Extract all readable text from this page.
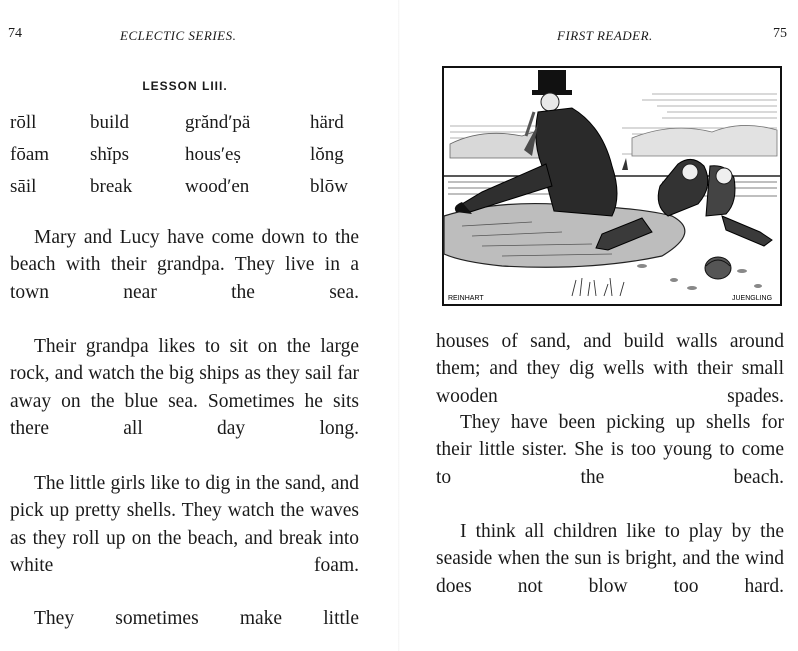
74	ECLECTIC SERIES.
LESSON LIII.
rōll	build	grănd′pä	härd
fōam	shĭps	hous′eṣ	lŏng
sāil	break	wood′en	blōw

Mary and Lucy have come down to the beach with their grandpa. They live in a town near the sea.

Their grandpa likes to sit on the large rock, and watch the big ships as they sail far away on the blue sea. Sometimes he sits there all day long.

The little girls like to dig in the sand, and pick up pretty shells. They watch the waves as they roll up on the beach, and break into white foam.

They sometimes make little

FIRST READER.	75
REINHART	JUENGLING

houses of sand, and build walls around them; and they dig wells with their small wooden spades.

They have been picking up shells for their little sister. She is too young to come to the beach.

I think all children like to play by the seaside when the sun is bright, and the wind does not blow too hard.
